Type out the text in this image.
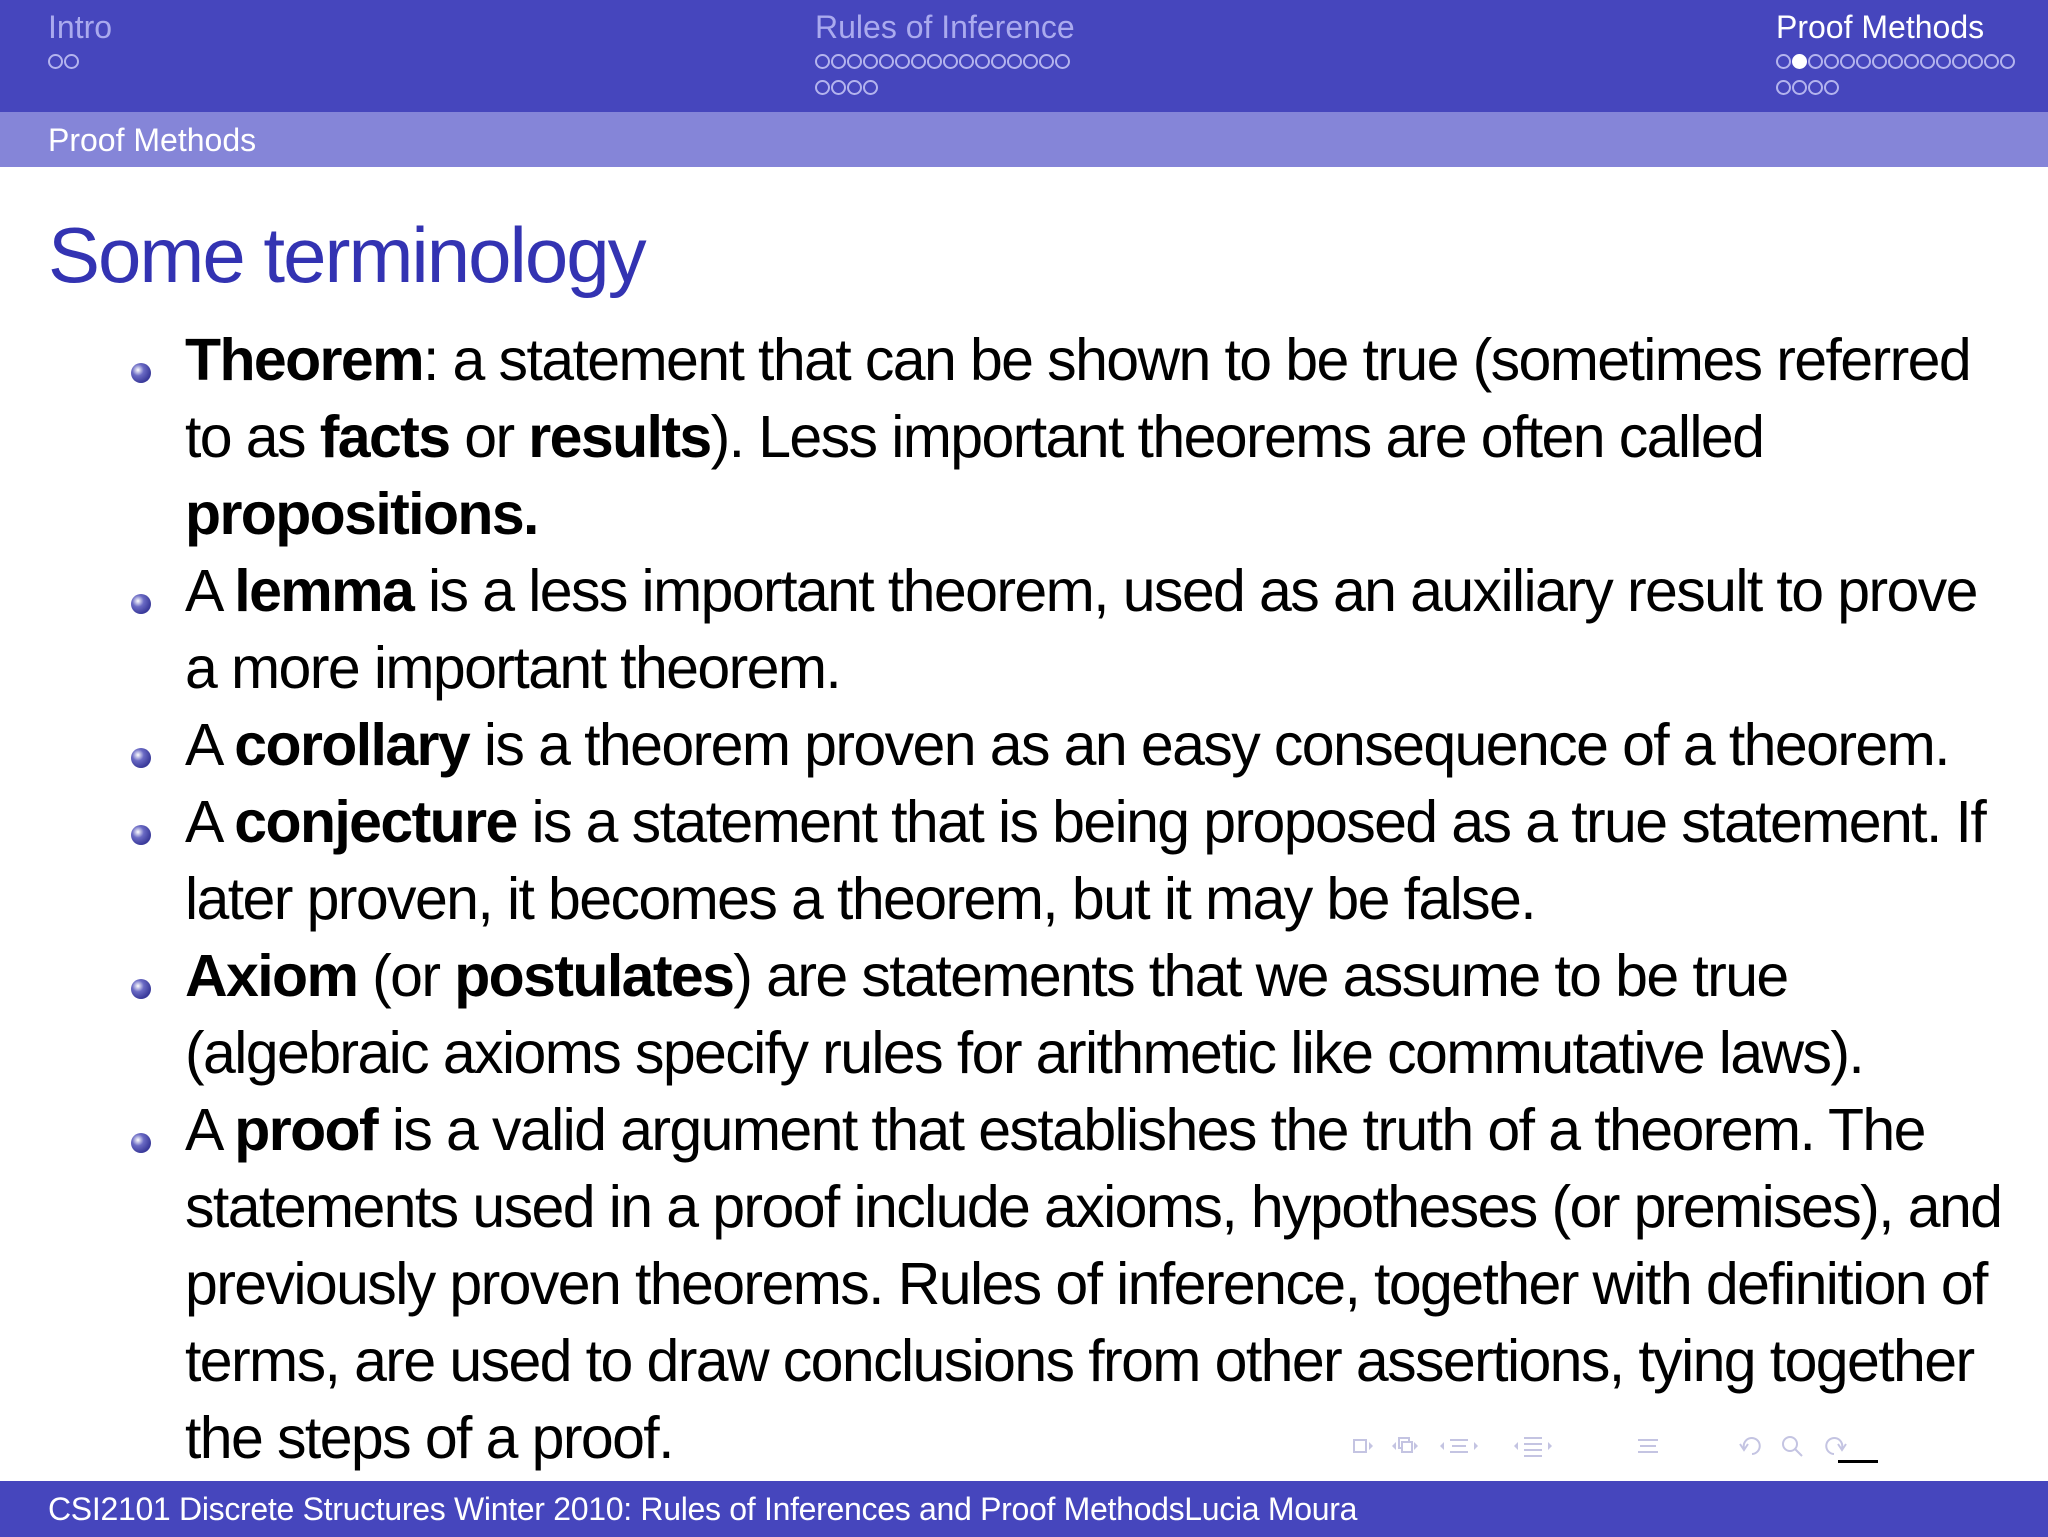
Intro	Rules of Inference	Proof Methods
Proof Methods
Some terminology
Theorem: a statement that can be shown to be true (sometimes referred to as facts or results). Less important theorems are often called propositions.
A lemma is a less important theorem, used as an auxiliary result to prove a more important theorem.
A corollary is a theorem proven as an easy consequence of a theorem.
A conjecture is a statement that is being proposed as a true statement. If later proven, it becomes a theorem, but it may be false.
Axiom (or postulates) are statements that we assume to be true (algebraic axioms specify rules for arithmetic like commutative laws).
A proof is a valid argument that establishes the truth of a theorem. The statements used in a proof include axioms, hypotheses (or premises), and previously proven theorems. Rules of inference, together with definition of terms, are used to draw conclusions from other assertions, tying together the steps of a proof.
CSI2101 Discrete Structures Winter 2010: Rules of Inferences and Proof MethodsLucia Moura
